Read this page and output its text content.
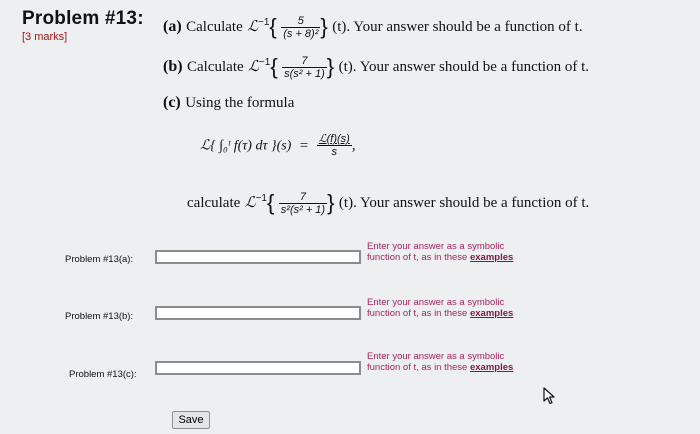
Problem #13:
[3 marks]
(a) Calculate ℒ$^{-1}${ $\frac{5}{\text{(s + 8)²}}$ } (t). Your answer should be a function of t.
(b) Calculate ℒ$^{-1}${ $\frac{7}{\text{s(s² + 1)}}$ } (t). Your answer should be a function of t.
(c) Using the formula
ℒ{ ∫₀ᵗ f(τ) dτ }$(s) = \frac{\text{ℒ(f)(s)}}{s}$ ,
calculate ℒ$^{-1}${ $\frac{7}{\text{s²(s² + 1)}}$ } (t). Your answer should be a function of t.
Problem #13(a):
Enter your answer as a symbolic function of t, as in these examples
Problem #13(b):
Enter your answer as a symbolic function of t, as in these examples
Problem #13(c):
Enter your answer as a symbolic function of t, as in these examples
Save
